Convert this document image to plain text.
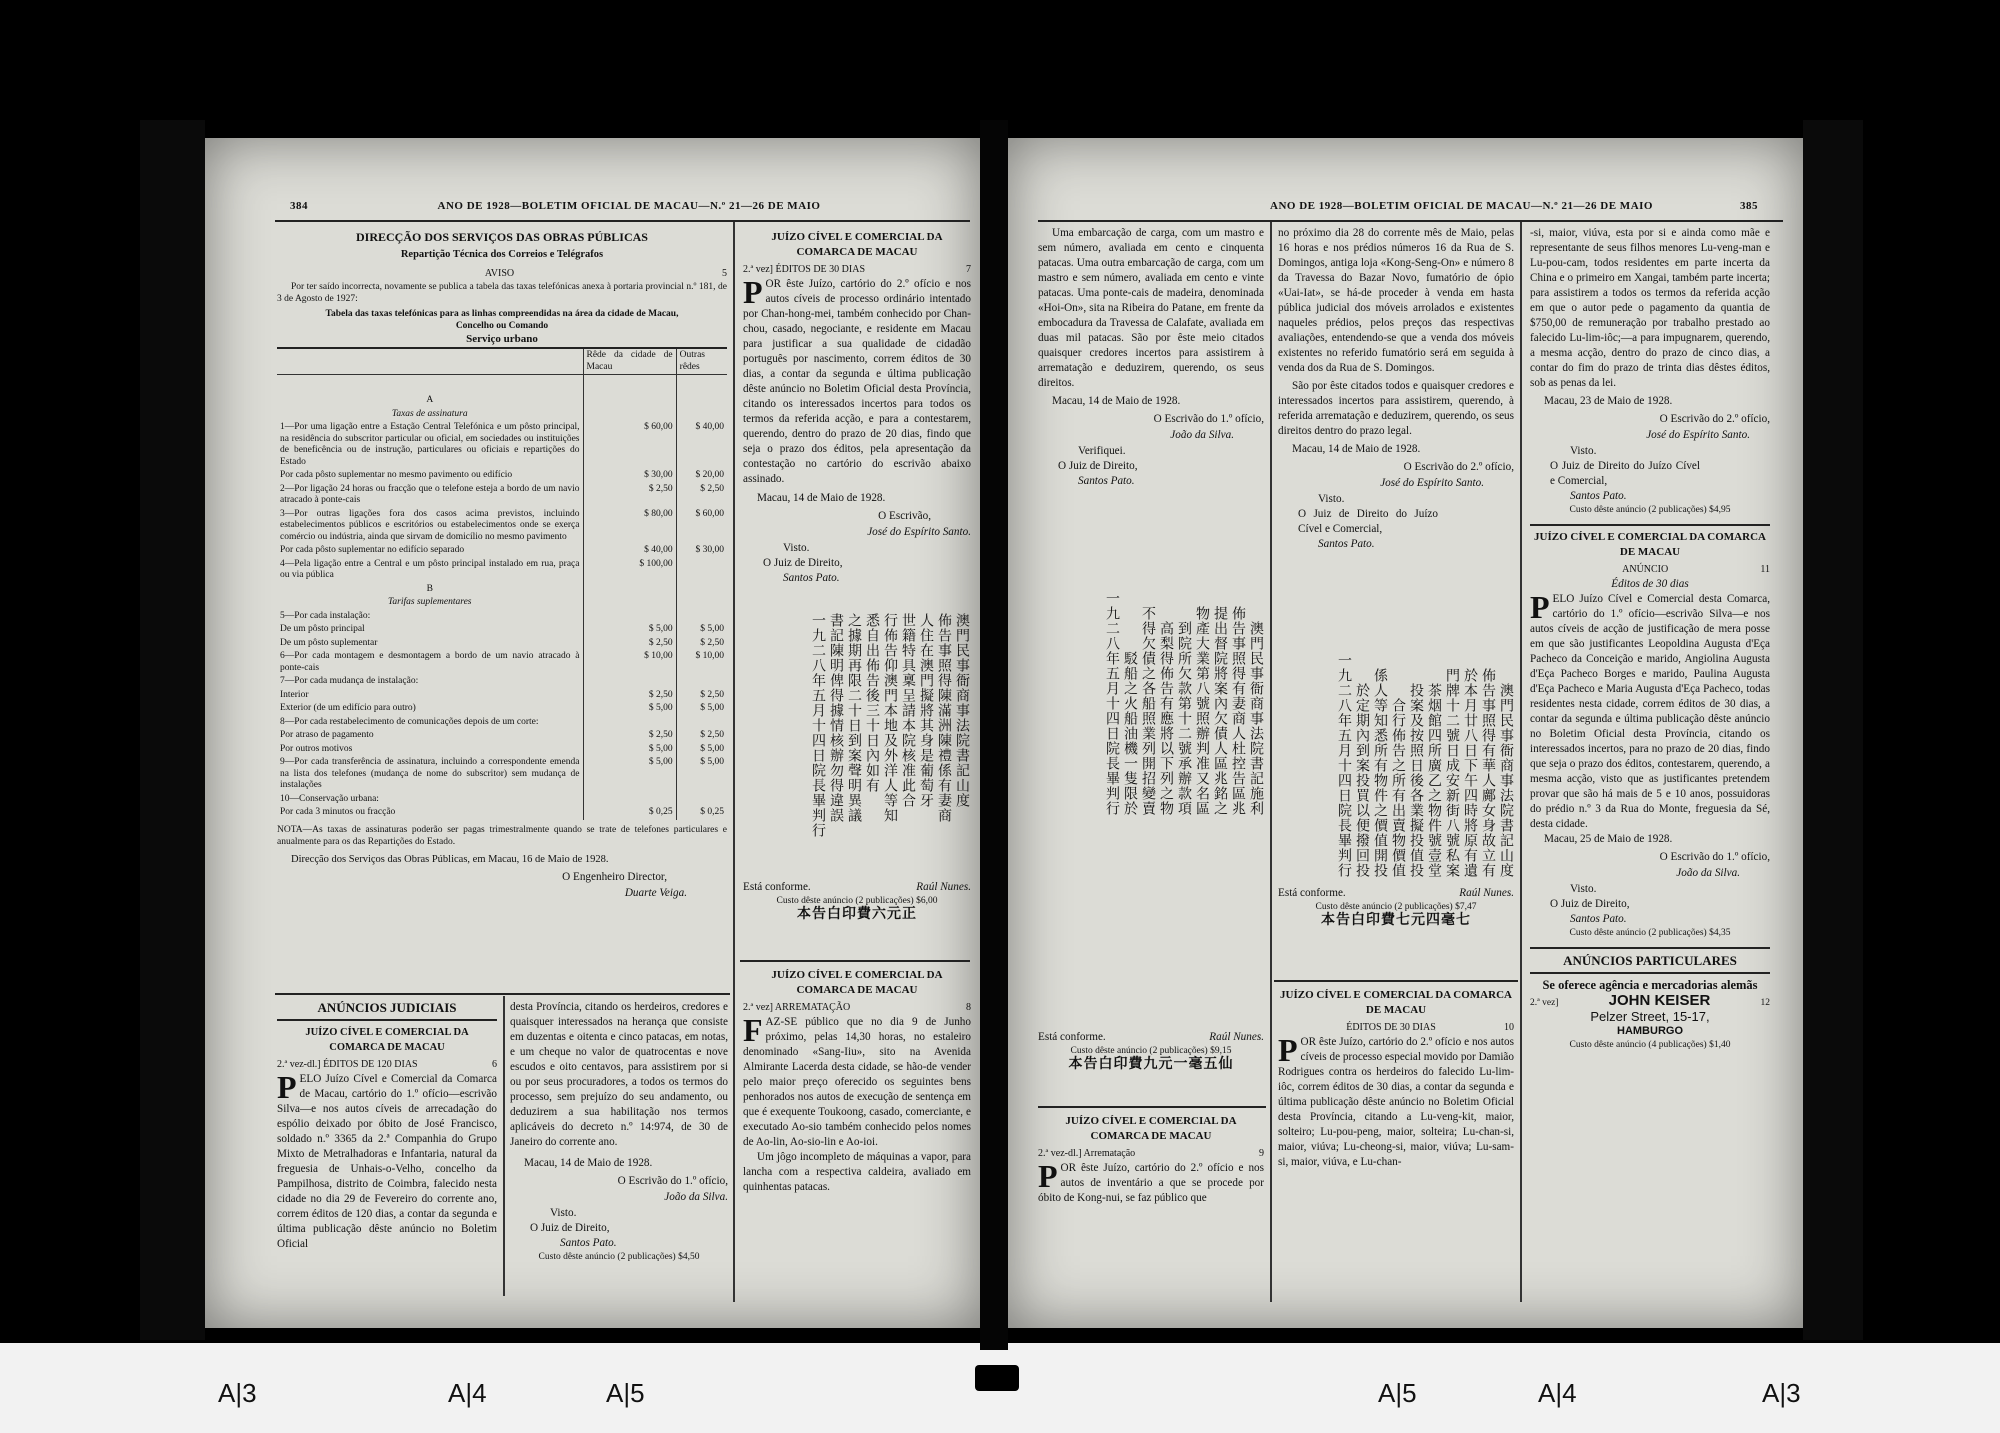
A|3	A|4	A|5	A|5	A|4	A|3
384	ANO DE 1928—BOLETIM OFICIAL DE MACAU—N.º 21—26 DE MAIO
DIRECÇÃO DOS SERVIÇOS DAS OBRAS PÚBLICAS
Repartição Técnica dos Correios e Telégrafos
AVISO	5

Por ter saído incorrecta, novamente se publica a tabela das taxas telefónicas anexa à portaria provincial n.º 181, de 3 de Agosto de 1927:

Tabela das taxas telefónicas para as linhas compreendidas na área da cidade de Macau, Concelho ou Comando
Serviço urbano
	Rêde da cidade de Macau	Outras rêdes
A		
Taxas de assinatura		
1—Por uma ligação entre a Estação Central Telefónica e um pôsto principal, na residência do subscritor particular ou oficial, em sociedades ou instituições de beneficência ou de instrução, particulares ou oficiais e repartições do Estado	$ 60,00	$ 40,00
Por cada pôsto suplementar no mesmo pavimento ou edifício	$ 30,00	$ 20,00
2—Por ligação 24 horas ou fracção que o telefone esteja a bordo de um navio atracado à ponte-cais	$ 2,50	$ 2,50
3—Por outras ligações fora dos casos acima previstos, incluindo estabelecimentos públicos e escritórios ou estabelecimentos onde se exerça comércio ou indústria, ainda que sirvam de domicílio no mesmo pavimento	$ 80,00	$ 60,00
Por cada pôsto suplementar no edifício separado	$ 40,00	$ 30,00
4—Pela ligação entre a Central e um pôsto principal instalado em rua, praça ou via pública	$ 100,00	
B		
Tarifas suplementares		
5—Por cada instalação:		
De um pôsto principal	$ 5,00	$ 5,00
De um pôsto suplementar	$ 2,50	$ 2,50
6—Por cada montagem e desmontagem a bordo de um navio atracado à ponte-cais	$ 10,00	$ 10,00
7—Por cada mudança de instalação:		
Interior	$ 2,50	$ 2,50
Exterior (de um edifício para outro)	$ 5,00	$ 5,00
8—Por cada restabelecimento de comunicações depois de um corte:		
Por atraso de pagamento	$ 2,50	$ 2,50
Por outros motivos	$ 5,00	$ 5,00
9—Por cada transferência de assinatura, incluindo a correspondente emenda na lista dos telefones (mudança de nome do subscritor) sem mudança de instalações	$ 5,00	$ 5,00
10—Conservação urbana:		
Por cada 3 minutos ou fracção	$ 0,25	$ 0,25
NOTA—As taxas de assinaturas poderão ser pagas trimestralmente quando se trate de telefones particulares e anualmente para os das Repartições do Estado.

Direcção dos Serviços das Obras Públicas, em Macau, 16 de Maio de 1928.

O Engenheiro Director,
Duarte Veiga.
ANÚNCIOS JUDICIAIS
JUÍZO CÍVEL E COMERCIAL DA COMARCA DE MACAU
2.ª vez-dl.] ÉDITOS DE 120 DIAS	6
PELO Juízo Cível e Comercial da Comarca de Macau, cartório do 1.º ofício—escrivão Silva—e nos autos cíveis de arrecadação do espólio deixado por óbito de José Francisco, soldado n.º 3365 da 2.ª Companhia do Grupo Mixto de Metralhadoras e Infantaria, natural da freguesia de Unhais-o-Velho, concelho da Pampilhosa, distrito de Coimbra, falecido nesta cidade no dia 29 de Fevereiro do corrente ano, correm éditos de 120 dias, a contar da segunda e última publicação dêste anúncio no Boletim Oficial
desta Província, citando os herdeiros, credores e quaisquer interessados na herança que consiste em duzentas e oitenta e cinco patacas, em notas, e um cheque no valor de quatrocentas e nove escudos e oito centavos, para assistirem por si ou por seus procuradores, a todos os termos do processo, sem prejuízo do seu andamento, ou deduzirem a sua habilitação nos termos aplicáveis do decreto n.º 14:974, de 30 de Janeiro do corrente ano.

Macau, 14 de Maio de 1928.

O Escrivão do 1.º ofício,
João da Silva.
Visto.
O Juiz de Direito,
Santos Pato.
Custo dêste anúncio (2 publicações) $4,50
JUÍZO CÍVEL E COMERCIAL DA COMARCA DE MACAU
2.ª vez] ÉDITOS DE 30 DIAS	7
POR êste Juízo, cartório do 2.º ofício e nos autos cíveis de processo ordinário intentado por Chan-hong-mei, também conhecido por Chan-chou, casado, negociante, e residente em Macau para justificar a sua qualidade de cidadão português por nascimento, correm éditos de 30 dias, a contar da segunda e última publicação dêste anúncio no Boletim Oficial desta Província, citando os interessados incertos para todos os termos da referida acção, e para a contestarem, querendo, dentro do prazo de 20 dias, findo que seja o prazo dos éditos, pela apresentação da contestação no cartório do escrivão abaixo assinado.

Macau, 14 de Maio de 1928.

O Escrivão,
José do Espírito Santo.
Visto.
O Juiz de Direito,
Santos Pato.
澳門民事衙商事法院書記山度
佈告事照得陳滿洲陳禮係有妻商
人住在澳門擬將其身是葡萄牙
世籍特具稟呈請本院核准此合
行佈告仰澳門本地及外洋人等知
悉自出佈告後三十日內如有
之據期再限二十日到案聲明異議
書記陳明俾得據情核辦勿得違誤
一九二八年五月十四日院長畢判行
Está conforme.	Raúl Nunes.
Custo dêste anúncio (2 publicações) $6,00
本告白印費六元正
JUÍZO CÍVEL E COMERCIAL DA COMARCA DE MACAU
2.ª vez] ARREMATAÇÃO	8
FAZ-SE público que no dia 9 de Junho próximo, pelas 14,30 horas, no estaleiro denominado «Sang-Iiu», sito na Avenida Almirante Lacerda desta cidade, se hão-de vender pelo maior preço oferecido os seguintes bens penhorados nos autos de execução de sentença em que é exequente Toukoong, casado, comerciante, e executado Ao-sio também conhecido pelos nomes de Ao-lin, Ao-sio-lin e Ao-ioi.

Um jôgo incompleto de máquinas a vapor, para lancha com a respectiva caldeira, avaliado em quinhentas patacas.

ANO DE 1928—BOLETIM OFICIAL DE MACAU—N.º 21—26 DE MAIO	385

Uma embarcação de carga, com um mastro e sem número, avaliada em cento e cinquenta patacas. Uma outra embarcação de carga, com um mastro e sem número, avaliada em cento e vinte patacas. Uma ponte-cais de madeira, denominada «Hoi-On», sita na Ribeira do Patane, em frente da embocadura da Travessa de Calafate, avaliada em duas mil patacas. São por êste meio citados quaisquer credores incertos para assistirem à arrematação e deduzirem, querendo, os seus direitos.

Macau, 14 de Maio de 1928.

O Escrivão do 1.º ofício,
João da Silva.
Verifiquei.
O Juiz de Direito,
Santos Pato.
澳門民事衙商事法院書記施利
佈告事照得有妻商人杜控告區兆
提出督院將案內欠債人區兆銘之
物產大業第八號照辦判准又名區
到院所欠款第十二號承辦款項
高梨得佈告有應將以下列之物
不得欠債之各船照業列開招變賣
駁船之火船油機一隻限於
一九二八年五月十四日院長畢判行
Está conforme.	Raúl Nunes.
Custo dêste anúncio (2 publicações) $9,15
本告白印費九元一毫五仙
JUÍZO CÍVEL E COMERCIAL DA COMARCA DE MACAU
2.ª vez-dl.] Arrematação	9
POR êste Juízo, cartório do 2.º ofício e nos autos de inventário a que se procede por óbito de Kong-nui, se faz público que

no próximo dia 28 do corrente mês de Maio, pelas 16 horas e nos prédios números 16 da Rua de S. Domingos, antiga loja «Kong-Seng-On» e número 8 da Travessa do Bazar Novo, fumatório de ópio «Uai-Iat», se há-de proceder à venda em hasta pública judicial dos móveis arrolados e existentes naqueles prédios, pelos preços das respectivas avaliações, entendendo-se que a venda dos móveis existentes no referido fumatório será em seguida à venda dos da Rua de S. Domingos.

São por êste citados todos e quaisquer credores e interessados incertos para assistirem, querendo, à referida arrematação e deduzirem, querendo, os seus direitos dentro do prazo legal.

Macau, 14 de Maio de 1928.

O Escrivão do 2.º ofício,
José do Espírito Santo.
Visto.
O Juiz de Direito do Juízo Cível e Comercial,
Santos Pato.
澳門民事衙商事法院書記山度
佈告事照得有華人鄺女身故立有
於本月廿八日下午四時將原有遺
門牌十二號日成安新街八號私案
茶烟館四所廣乙之物件號壹堂
投案及按照日後各業擬投值投
合行佈告之所有出賣物價值
係人等知悉所有物件之價值開投
於定期內到案投買以便撥回投
一九二八年五月十四日院長畢判行
Está conforme.	Raúl Nunes.
Custo dêste anúncio (2 publicações) $7,47
本告白印費七元四毫七
JUÍZO CÍVEL E COMERCIAL DA COMARCA DE MACAU
ÉDITOS DE 30 DIAS	10
POR êste Juízo, cartório do 2.º ofício e nos autos cíveis de processo especial movido por Damião Rodrigues contra os herdeiros do falecido Lu-lim-iôc, correm éditos de 30 dias, a contar da segunda e última publicação dêste anúncio no Boletim Oficial desta Província, citando a Lu-veng-kit, maior, solteiro; Lu-pou-peng, maior, solteira; Lu-chan-si, maior, viúva; Lu-cheong-si, maior, viúva; Lu-sam-si, maior, viúva, e Lu-chan-

-si, maior, viúva, esta por si e ainda como mãe e representante de seus filhos menores Lu-veng-man e Lu-pou-cam, todos residentes em parte incerta da China e o primeiro em Xangai, também parte incerta; para assistirem a todos os termos da referida acção em que o autor pede o pagamento da quantia de $750,00 de remuneração por trabalho prestado ao falecido Lu-lim-iôc;—a para impugnarem, querendo, a mesma acção, dentro do prazo de cinco dias, a contar do fim do prazo de trinta dias dêstes éditos, sob as penas da lei.

Macau, 23 de Maio de 1928.

O Escrivão do 2.º ofício,
José do Espírito Santo.
Visto.
O Juiz de Direito do Juízo Cível e Comercial,
Santos Pato.
Custo dêste anúncio (2 publicações) $4,95
JUÍZO CÍVEL E COMERCIAL DA COMARCA DE MACAU
ANÚNCIO	11
Éditos de 30 dias
PELO Juízo Cível e Comercial desta Comarca, cartório do 1.º ofício—escrivão Silva—e nos autos cíveis de acção de justificação de mera posse em que são justificantes Leopoldina Augusta d'Eça Pacheco da Conceição e marido, Angiolina Augusta d'Eça Pacheco Borges e marido, Paulina Augusta d'Eça Pacheco e Maria Augusta d'Eça Pacheco, todas residentes nesta cidade, correm éditos de 30 dias, a contar da segunda e última publicação dêste anúncio no Boletim Oficial desta Província, citando os interessados incertos, para no prazo de 20 dias, findo que seja o prazo dos éditos, contestarem, querendo, a mesma acção, visto que as justificantes pretendem provar que são há mais de 5 e 10 anos, possuidoras do prédio n.º 3 da Rua do Monte, freguesia da Sé, desta cidade.

Macau, 25 de Maio de 1928.

O Escrivão do 1.º ofício,
João da Silva.
Visto.
O Juiz de Direito,
Santos Pato.
Custo dêste anúncio (2 publicações) $4,35
ANÚNCIOS PARTICULARES
Se oferece agência e mercadorias alemãs
2.ª vez]	JOHN KEISER	12
Pelzer Street, 15-17,
HAMBURGO
Custo dêste anúncio (4 publicações) $1,40
